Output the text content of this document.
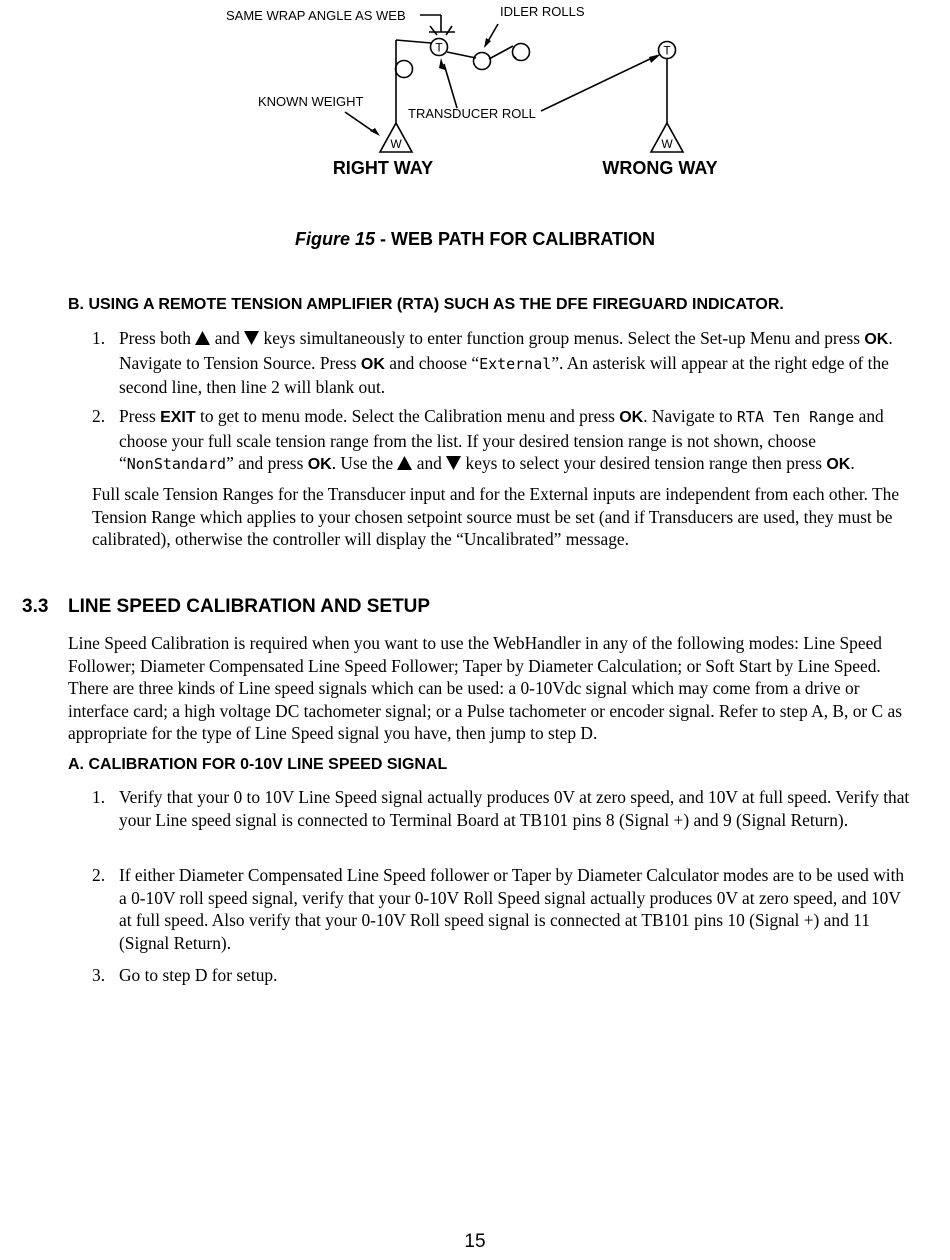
T	T
W	W
SAME WRAP ANGLE AS WEB	IDLER ROLLS
KNOWN WEIGHT
TRANSDUCER ROLL
RIGHT WAY	WRONG WAY
Figure 15 - WEB PATH FOR CALIBRATION
B. USING A REMOTE TENSION AMPLIFIER (RTA) SUCH AS THE DFE FIREGUARD INDICATOR.
1. Press both  and  keys simultaneously to enter function group menus. Select the Set-up Menu and press OK. Navigate to Tension Source. Press OK and choose “External”. An asterisk will appear at the right edge of the second line, then line 2 will blank out.
2. Press EXIT to get to menu mode. Select the Calibration menu and press OK. Navigate to RTA Ten Range and choose your full scale tension range from the list. If your desired tension range is not shown, choose “NonStandard” and press OK. Use the  and  keys to select your desired tension range then press OK.
Full scale Tension Ranges for the Transducer input and for the External inputs are independent from each other. The Tension Range which applies to your chosen setpoint source must be set (and if Transducers are used, they must be calibrated), otherwise the controller will display the “Uncalibrated” message.
3.3 LINE SPEED CALIBRATION AND SETUP
Line Speed Calibration is required when you want to use the WebHandler in any of the following modes: Line Speed Follower; Diameter Compensated Line Speed Follower; Taper by Diameter Calculation; or Soft Start by Line Speed. There are three kinds of Line speed signals which can be used: a 0-10Vdc signal which may come from a drive or interface card; a high voltage DC tachometer signal; or a Pulse tachometer or encoder signal. Refer to step A, B, or C as appropriate for the type of Line Speed signal you have, then jump to step D.
A. CALIBRATION FOR 0-10V LINE SPEED SIGNAL
1. Verify that your 0 to 10V Line Speed signal actually produces 0V at zero speed, and 10V at full speed. Verify that your Line speed signal is connected to Terminal Board at TB101 pins 8 (Signal +) and 9 (Signal Return).
2. If either Diameter Compensated Line Speed follower or Taper by Diameter Calculator modes are to be used with a 0-10V roll speed signal, verify that your 0-10V Roll Speed signal actually produces 0V at zero speed, and 10V at full speed. Also verify that your 0-10V Roll speed signal is connected at TB101 pins 10 (Signal +) and 11 (Signal Return).
3. Go to step D for setup.
15
